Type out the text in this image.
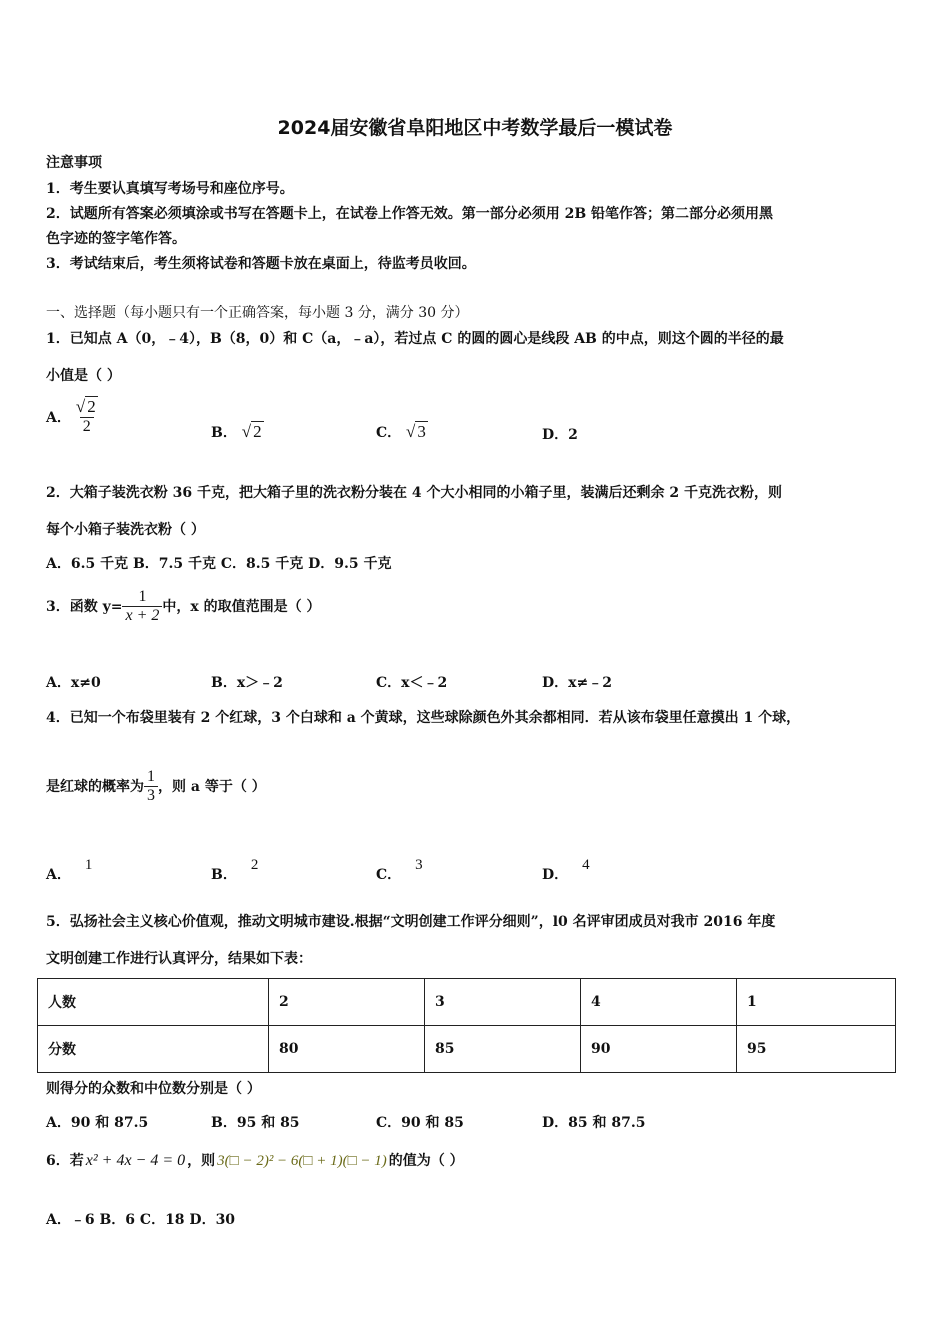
2024届安徽省阜阳地区中考数学最后一模试卷
注意事项
1．考生要认真填写考场号和座位序号。
2．试题所有答案必须填涂或书写在答题卡上，在试卷上作答无效。第一部分必须用 2B 铅笔作答；第二部分必须用黑
色字迹的签字笔作答。
3．考试结束后，考生须将试卷和答题卡放在桌面上，待监考员收回。
一、选择题（每小题只有一个正确答案，每小题 3 分，满分 30 分）
1．已知点 A（0，﹣4），B（8，0）和 C（a，﹣a），若过点 C 的圆的圆心是线段 AB 的中点，则这个圆的半径的最
小值是（ ）
A． $\frac{√ 2}{2}$	B． √ 2	C． √ 3	D．2
2．大箱子装洗衣粉 36 千克，把大箱子里的洗衣粉分装在 4 个大小相同的小箱子里，装满后还剩余 2 千克洗衣粉，则
每个小箱子装洗衣粉（ ）
A．6.5 千克 B．7.5 千克 C．8.5 千克 D．9.5 千克
3．函数 $y= \frac{1}{x + 2}$ 中，x 的取值范围是（ ）
A．x≠0	B．x＞﹣2	C．x＜﹣2	D．x≠﹣2
4．已知一个布袋里装有 2 个红球，3 个白球和 a 个黄球，这些球除颜色外其余都相同．若从该布袋里任意摸出 1 个球，
是红球的概率为 $\frac{1}{3}$ ，则 a 等于（ ）
A．1
B．2
C．3
D．4
5．弘扬社会主义核心价值观，推动文明城市建设.根据“文明创建工作评分细则”，l0 名评审团成员对我市 2016 年度
文明创建工作进行认真评分，结果如下表：
人数	2	3	4	1
分数	80	85	90	95
则得分的众数和中位数分别是（ ）
A．90 和 87.5	B．95 和 85	C．90 和 85	D．85 和 87.5
6．若 x² + 4x − 4 = 0 ，则 3(□ − 2)² − 6(□ + 1)(□ − 1) 的值为（ ）
A．﹣6 B．6 C．18 D．30
